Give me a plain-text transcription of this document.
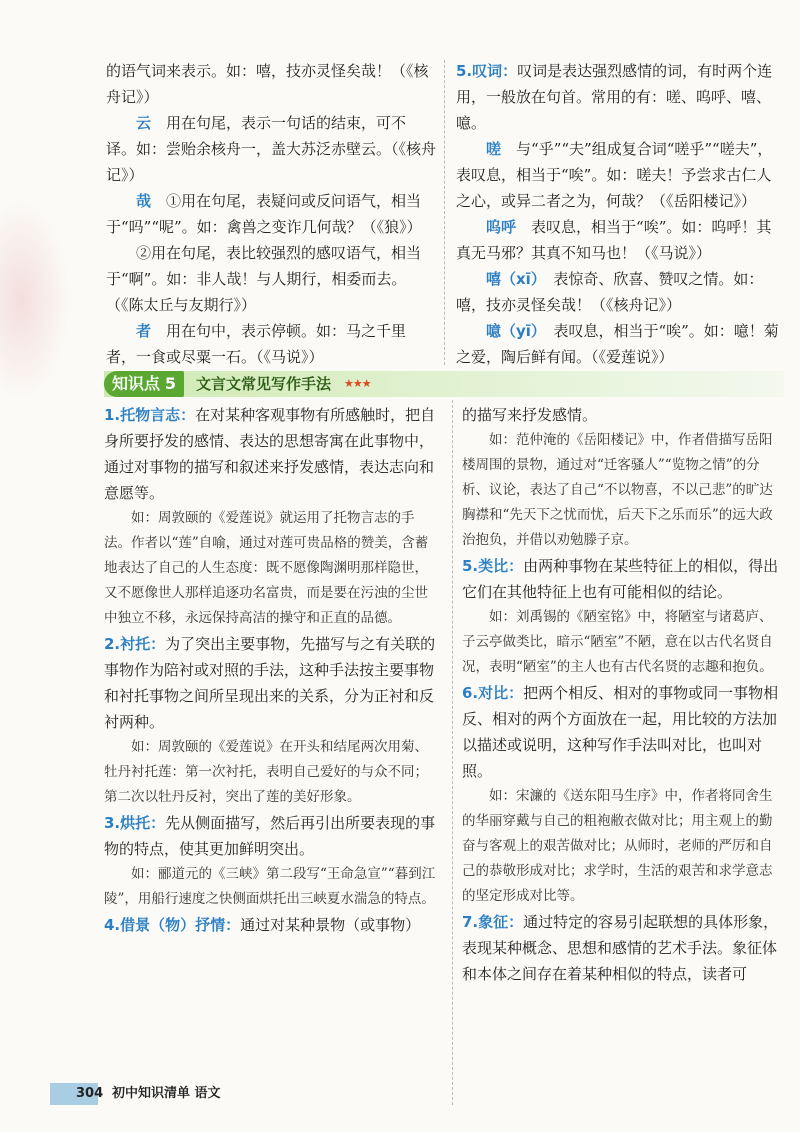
的语气词来表示。如：嘻，技亦灵怪矣哉！（《核舟记》）

云　 用在句尾，表示一句话的结束，可不译。如：尝贻余核舟一，盖大苏泛赤壁云。（《核舟记》）

哉　 ①用在句尾，表疑问或反问语气，相当于“吗”“呢”。如：禽兽之变诈几何哉？（《狼》）

②用在句尾，表比较强烈的感叹语气，相当于“啊”。如：非人哉！与人期行，相委而去。（《陈太丘与友期行》）

者　 用在句中，表示停顿。如：马之千里者，一食或尽粟一石。（《马说》）

5.叹词：叹词是表达强烈感情的词，有时两个连用，一般放在句首。常用的有：嗟、呜呼、嘻、噫。

嗟　 与“乎”“夫”组成复合词“嗟乎”“嗟夫”，表叹息，相当于“唉”。如：嗟夫！予尝求古仁人之心，或异二者之为，何哉？（《岳阳楼记》）

呜呼　 表叹息，相当于“唉”。如：呜呼！其真无马邪？其真不知马也！（《马说》）

嘻（xī）　 表惊奇、欣喜、赞叹之情。如：嘻，技亦灵怪矣哉！（《核舟记》）

噫（yī）　 表叹息，相当于“唉”。如：噫！菊之爱，陶后鲜有闻。（《爱莲说》）

知识点 5	文言文常见写作手法 ★★★

1.托物言志：在对某种客观事物有所感触时，把自身所要抒发的感情、表达的思想寄寓在此事物中，通过对事物的描写和叙述来抒发感情，表达志向和意愿等。

如：周敦颐的《爱莲说》就运用了托物言志的手法。作者以“莲”自喻，通过对莲可贵品格的赞美，含蓄地表达了自己的人生态度：既不愿像陶渊明那样隐世，又不愿像世人那样追逐功名富贵，而是要在污浊的尘世中独立不移，永远保持高洁的操守和正直的品德。

2.衬托：为了突出主要事物，先描写与之有关联的事物作为陪衬或对照的手法，这种手法按主要事物和衬托事物之间所呈现出来的关系，分为正衬和反衬两种。

如：周敦颐的《爱莲说》在开头和结尾两次用菊、牡丹衬托莲：第一次衬托，表明自己爱好的与众不同；第二次以牡丹反衬，突出了莲的美好形象。

3.烘托：先从侧面描写，然后再引出所要表现的事物的特点，使其更加鲜明突出。

如：郦道元的《三峡》第二段写“王命急宣”“暮到江陵”，用船行速度之快侧面烘托出三峡夏水湍急的特点。

4.借景（物）抒情：通过对某种景物（或事物）

的描写来抒发感情。

如：范仲淹的《岳阳楼记》中，作者借描写岳阳楼周围的景物，通过对“迁客骚人”“览物之情”的分析、议论，表达了自己“不以物喜，不以己悲”的旷达胸襟和“先天下之忧而忧，后天下之乐而乐”的远大政治抱负，并借以劝勉滕子京。

5.类比：由两种事物在某些特征上的相似，得出它们在其他特征上也有可能相似的结论。

如：刘禹锡的《陋室铭》中，将陋室与诸葛庐、子云亭做类比，暗示“陋室”不陋，意在以古代名贤自况，表明“陋室”的主人也有古代名贤的志趣和抱负。

6.对比：把两个相反、相对的事物或同一事物相反、相对的两个方面放在一起，用比较的方法加以描述或说明，这种写作手法叫对比，也叫对照。

如：宋濂的《送东阳马生序》中，作者将同舍生的华丽穿戴与自己的粗袍敝衣做对比；用主观上的勤奋与客观上的艰苦做对比；从师时，老师的严厉和自己的恭敬形成对比；求学时，生活的艰苦和求学意志的坚定形成对比等。

7.象征：通过特定的容易引起联想的具体形象，表现某种概念、思想和感情的艺术手法。象征体和本体之间存在着某种相似的特点，读者可

304 初中知识清单 语文
